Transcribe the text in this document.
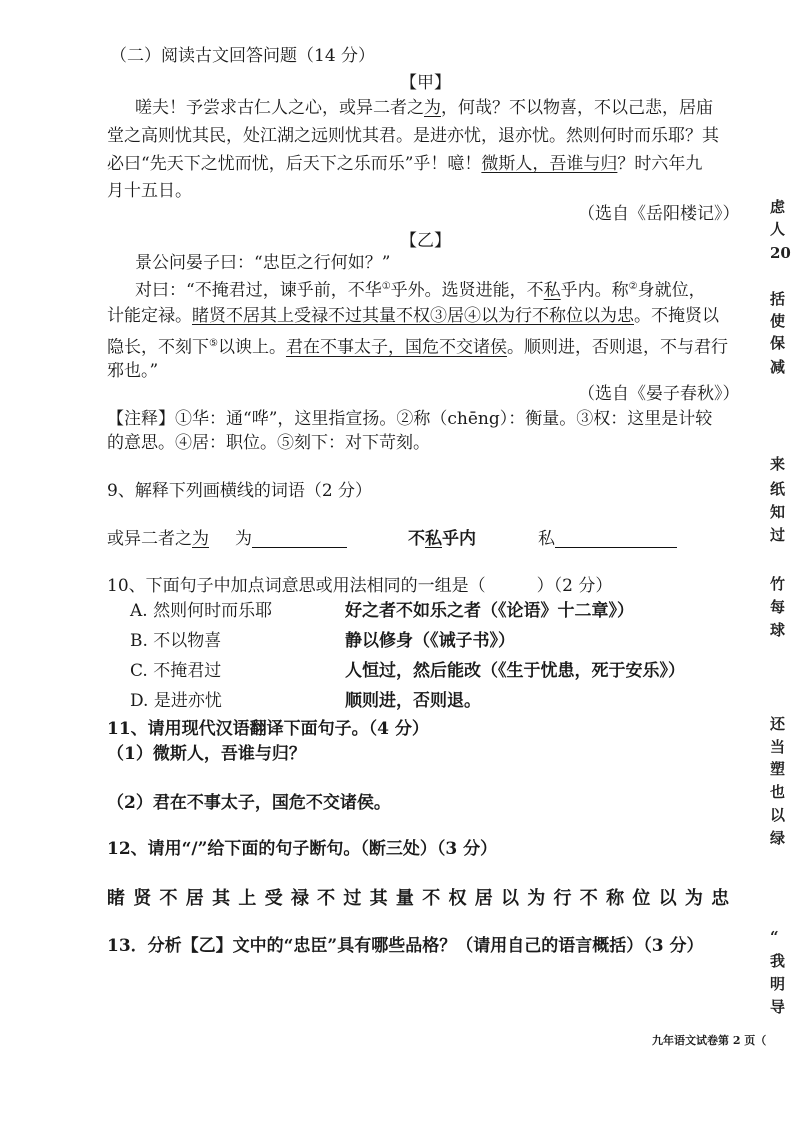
（二）阅读古文回答问题（14 分）
【甲】
嗟夫！予尝求古仁人之心，或异二者之为，何哉？不以物喜，不以己悲，居庙
堂之高则忧其民，处江湖之远则忧其君。是进亦忧，退亦忧。然则何时而乐耶？其
必曰“先天下之忧而忧，后天下之乐而乐”乎！噫！微斯人，吾谁与归？时六年九
月十五日。
（选自《岳阳楼记》）
【乙】
景公问晏子曰：“忠臣之行何如？”
对曰：“不掩君过，谏乎前，不华①乎外。选贤进能，不私乎内。称②身就位，
计能定禄。睹贤不居其上受禄不过其量不权③居④以为行不称位以为忠。不掩贤以
隐长，不刻下⑤以谀上。君在不事太子，国危不交诸侯。顺则进，否则退，不与君行
邪也。”
（选自《晏子春秋》）
【注释】①华：通“哗”，这里指宣扬。②称（chēng）：衡量。③权：这里是计较
的意思。④居：职位。⑤刻下：对下苛刻。
9、解释下列画横线的词语（2 分）
或异二者之为 为	不私乎内	私
10、下面句子中加点词意思或用法相同的一组是（　　　）（2 分）
A. 然则何时而乐耶	好之者不如乐之者（《论语》十二章》）
B. 不以物喜	静以修身（《诫子书》）
C. 不掩君过	人恒过，然后能改（《生于忧患，死于安乐》）
D. 是进亦忧	顺则进，否则退。
11、请用现代汉语翻译下面句子。（4 分）
（1）微斯人，吾谁与归？
（2）君在不事太子，国危不交诸侯。
12、请用“/”给下面的句子断句。（断三处）（3 分）
睹 贤 不 居 其 上 受 禄 不 过 其 量 不 权 居 以 为 行 不 称 位 以 为 忠
13．分析【乙】文中的“忠臣”具有哪些品格？（请用自己的语言概括）（3 分）
九年语文试卷第 2 页（
虑
人
20
括
使
保
减
来
纸
知
过
竹
每
球
还
当
塑
也
以
绿
“
我
明
导
